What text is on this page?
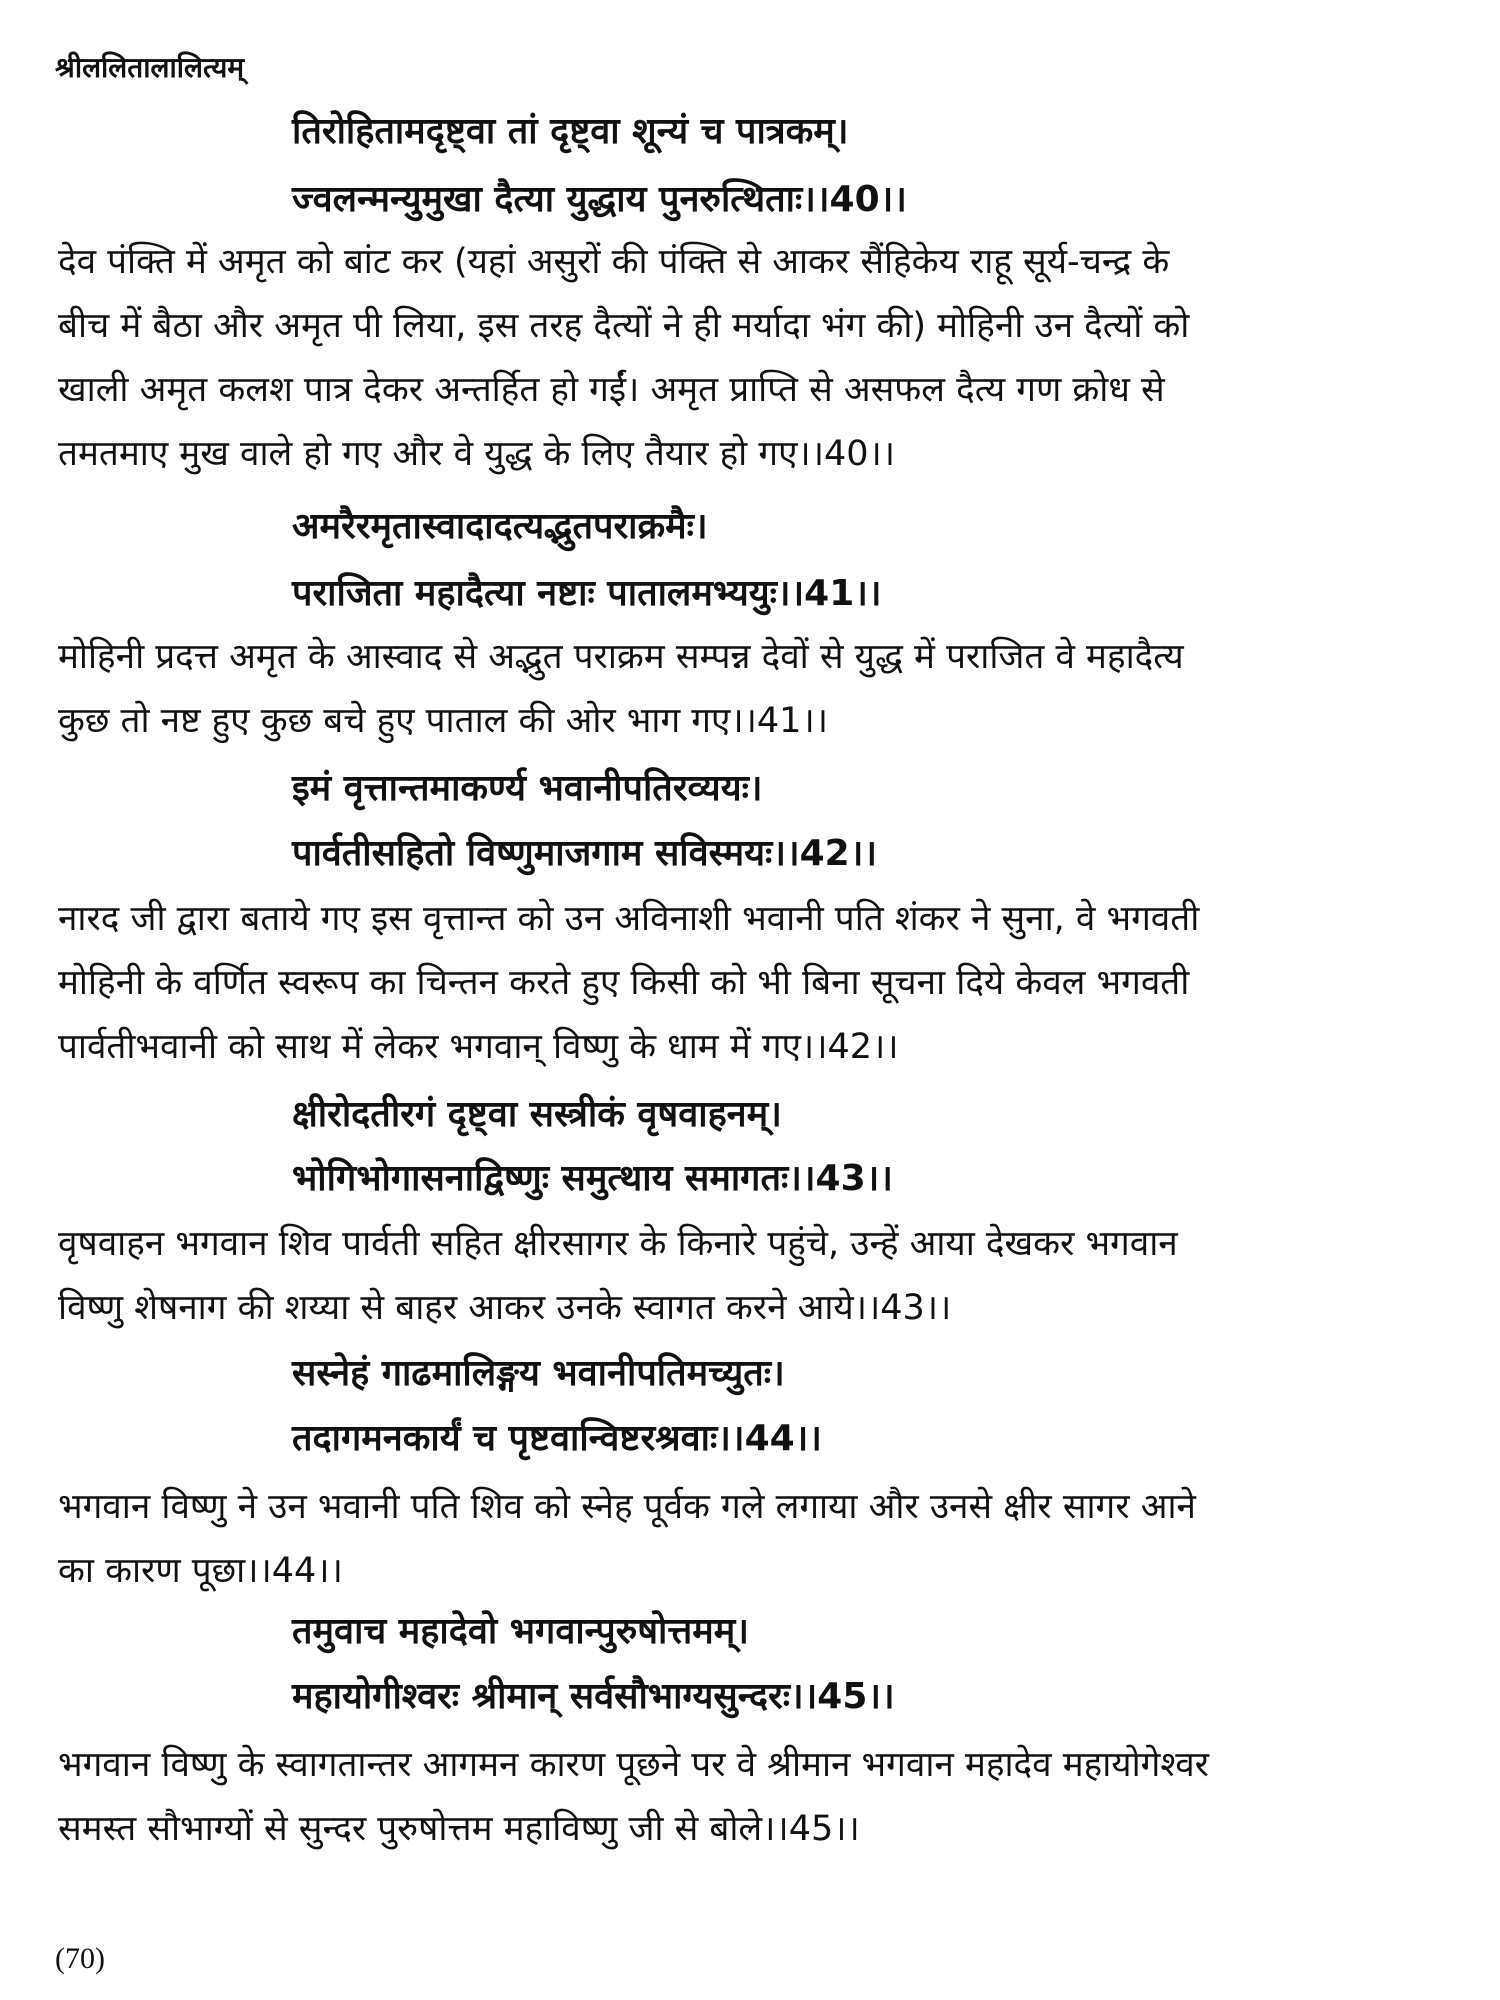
श्रीललितालालित्यम्
तिरोहितामदृष्ट्वा तां दृष्ट्वा शून्यं च पात्रकम्।
ज्वलन्मन्युमुखा दैत्या युद्धाय पुनरुत्थिताः।।40।।
देव पंक्ति में अमृत को बांट कर (यहां असुरों की पंक्ति से आकर सैंहिकेय राहू सूर्य-चन्द्र के
बीच में बैठा और अमृत पी लिया, इस तरह दैत्यों ने ही मर्यादा भंग की) मोहिनी उन दैत्यों को
खाली अमृत कलश पात्र देकर अन्तर्हित हो गईं। अमृत प्राप्ति से असफल दैत्य गण क्रोध से
तमतमाए मुख वाले हो गए और वे युद्ध के लिए तैयार हो गए।।40।।
अमरैरमृतास्वादादत्यद्भुतपराक्रमैः।
पराजिता महादैत्या नष्टाः पातालमभ्ययुः।।41।।
मोहिनी प्रदत्त अमृत के आस्वाद से अद्भुत पराक्रम सम्पन्न देवों से युद्ध में पराजित वे महादैत्य
कुछ तो नष्ट हुए कुछ बचे हुए पाताल की ओर भाग गए।।41।।
इमं वृत्तान्तमाकर्ण्य भवानीपतिरव्ययः।
पार्वतीसहितो विष्णुमाजगाम सविस्मयः।।42।।
नारद जी द्वारा बताये गए इस वृत्तान्त को उन अविनाशी भवानी पति शंकर ने सुना, वे भगवती
मोहिनी के वर्णित स्वरूप का चिन्तन करते हुए किसी को भी बिना सूचना दिये केवल भगवती
पार्वतीभवानी को साथ में लेकर भगवान् विष्णु के धाम में गए।।42।।
क्षीरोदतीरगं दृष्ट्वा सस्त्रीकं वृषवाहनम्।
भोगिभोगासनाद्विष्णुः समुत्थाय समागतः।।43।।
वृषवाहन भगवान शिव पार्वती सहित क्षीरसागर के किनारे पहुंचे, उन्हें आया देखकर भगवान
विष्णु शेषनाग की शय्या से बाहर आकर उनके स्वागत करने आये।।43।।
सस्नेहं गाढमालिङ्गय भवानीपतिमच्युतः।
तदागमनकार्यं च पृष्टवान्विष्टरश्रवाः।।44।।
भगवान विष्णु ने उन भवानी पति शिव को स्नेह पूर्वक गले लगाया और उनसे क्षीर सागर आने
का कारण पूछा।।44।।
तमुवाच महादेवो भगवान्पुरुषोत्तमम्।
महायोगीश्वरः श्रीमान् सर्वसौभाग्यसुन्दरः।।45।।
भगवान विष्णु के स्वागतान्तर आगमन कारण पूछने पर वे श्रीमान भगवान महादेव महायोगेश्वर
समस्त सौभाग्यों से सुन्दर पुरुषोत्तम महाविष्णु जी से बोले।।45।।
(70)
